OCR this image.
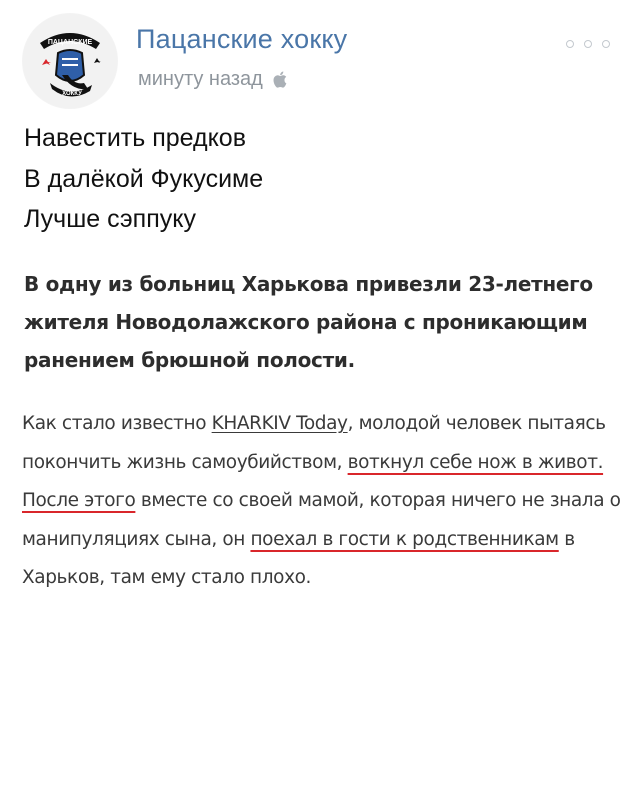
ПАЦАНСКИЕ
ХОККУ
Пацанские хокку
минуту назад
Навестить предков
В далёкой Фукусиме
Лучше сэппуку
В одну из больниц Харькова привезли 23-летнего жителя Новодолажского района с проникающим ранением брюшной полости.
Как стало известно KHARKIV Today, молодой человек пытаясь покончить жизнь самоубийством, воткнул себе нож в живот. После этого вместе со своей мамой, которая ничего не знала о манипуляциях сына, он поехал в гости к родственникам в Харьков, там ему стало плохо.
